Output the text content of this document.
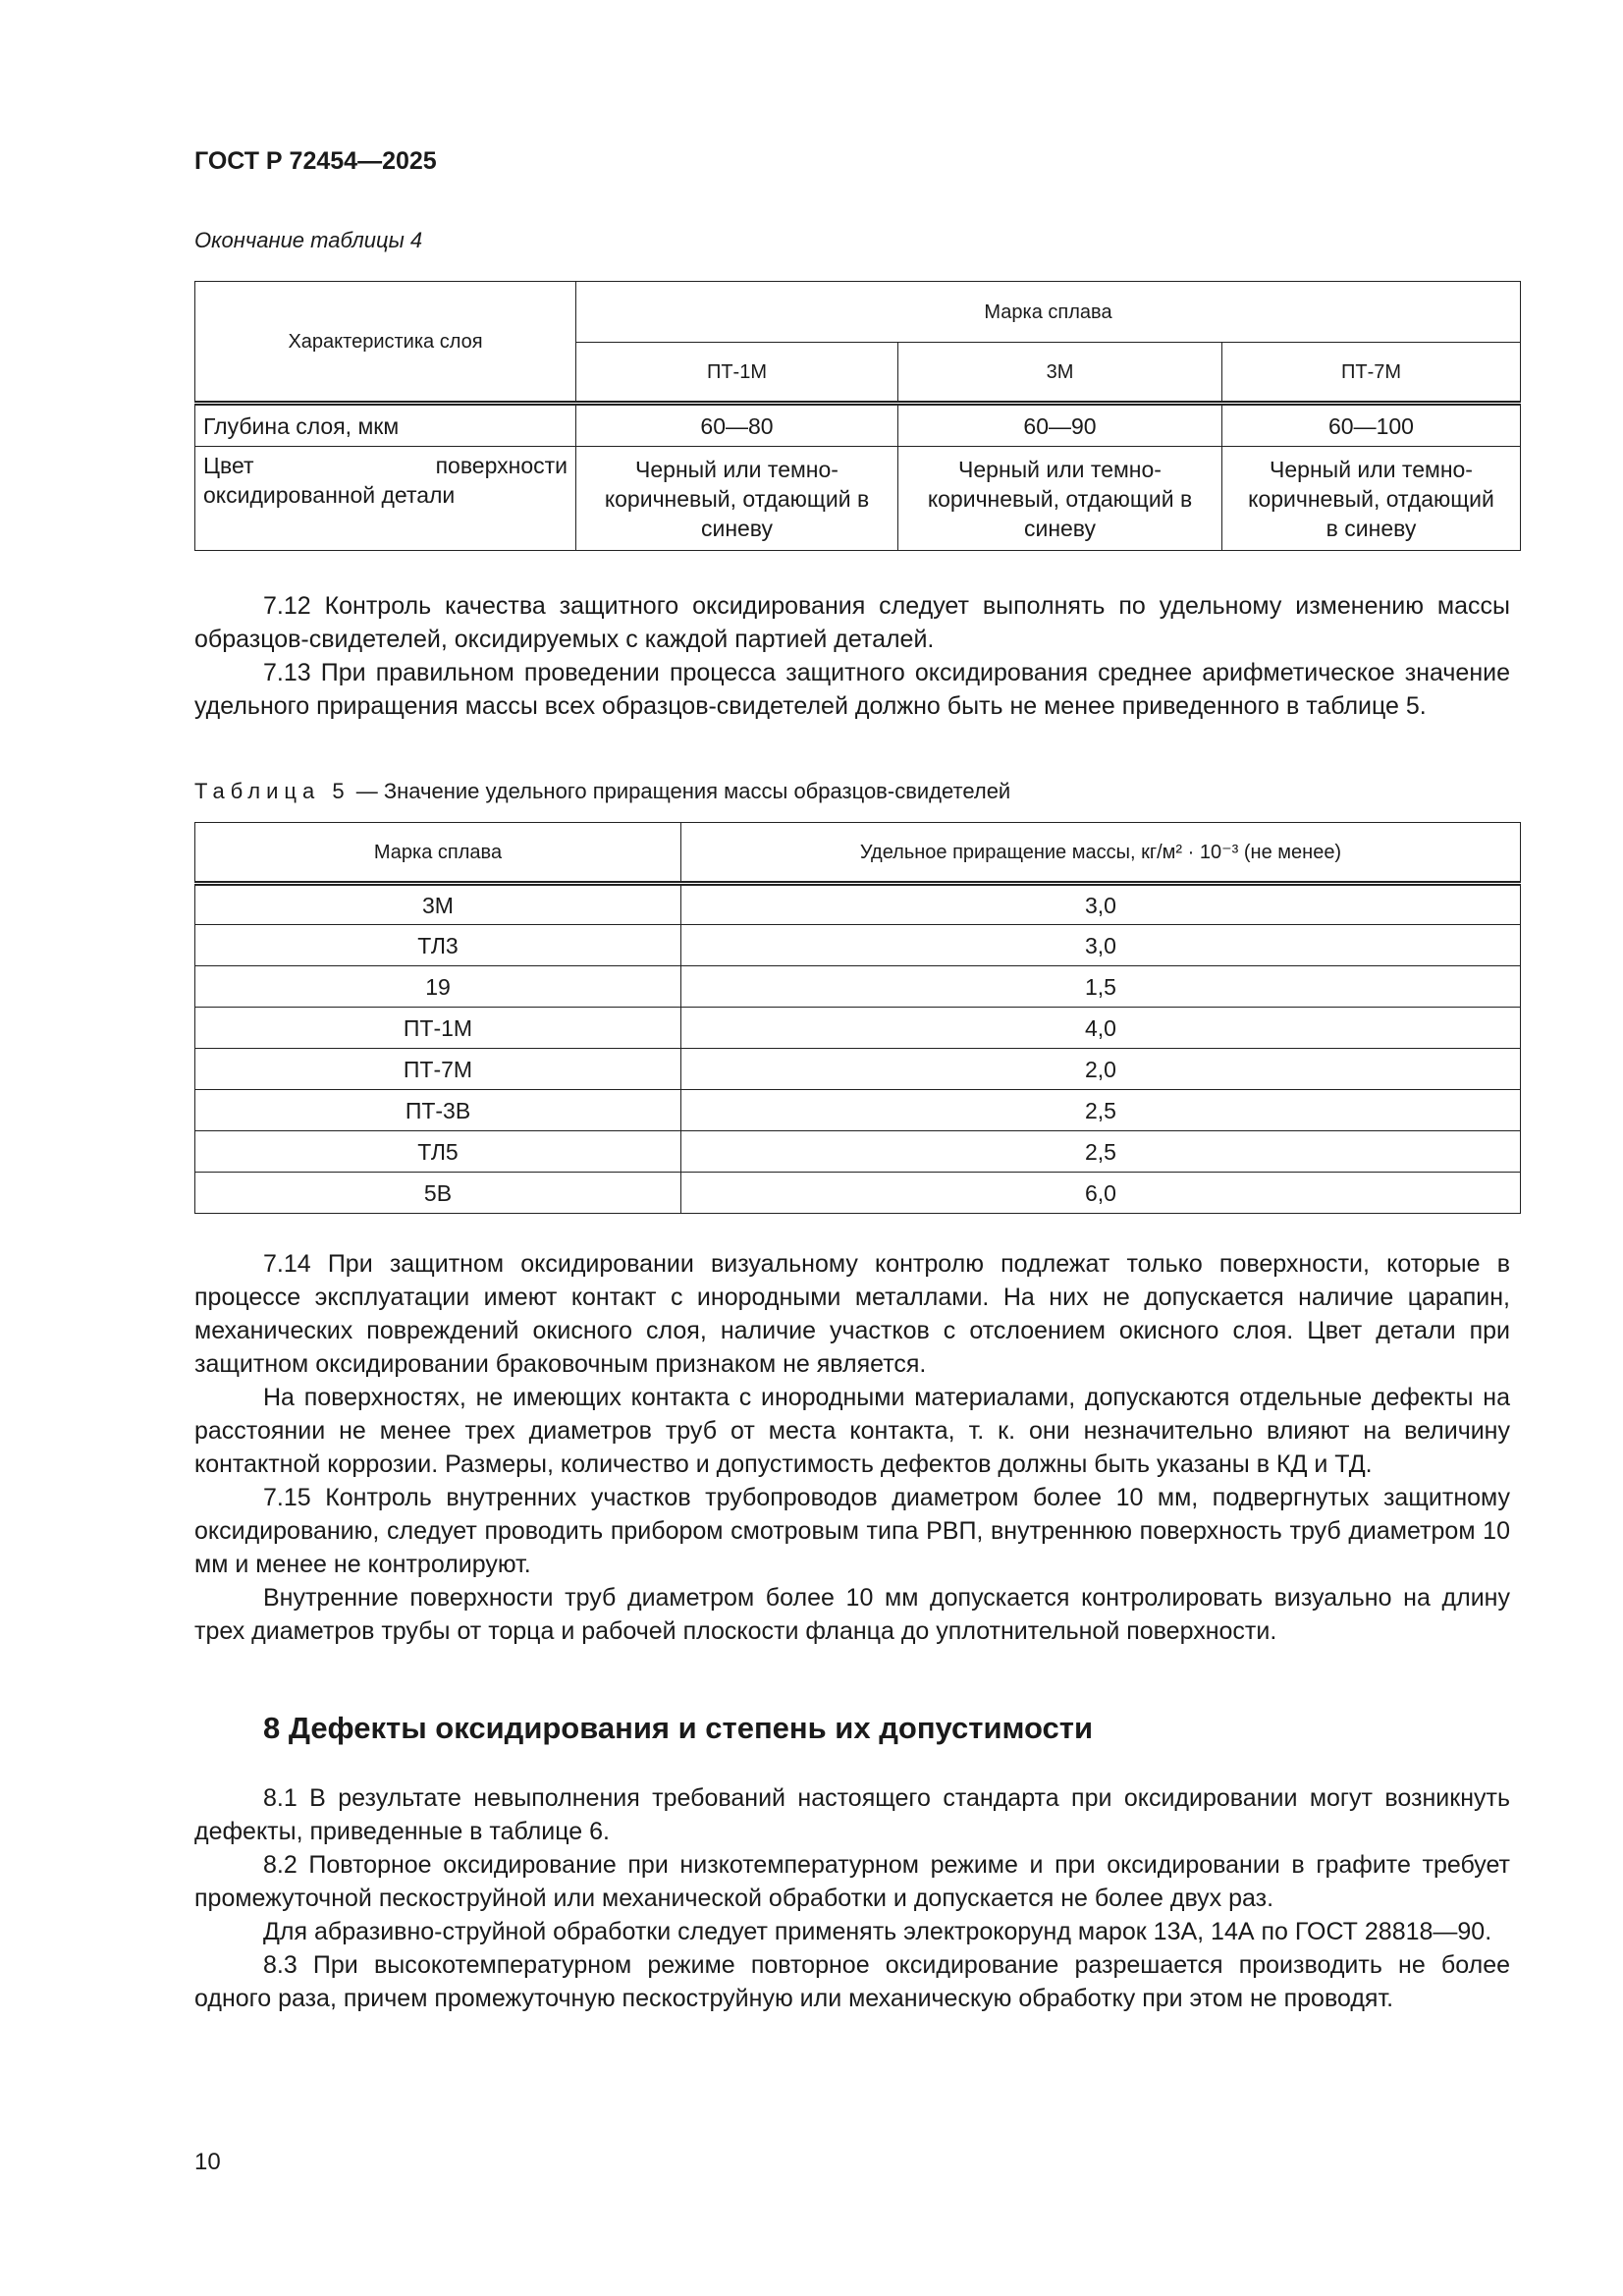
ГОСТ Р 72454—2025
Окончание таблицы 4
Характеристика слоя	Марка сплава		
	ПТ-1М	3М	ПТ-7М
Глубина слоя, мкм	60—80	60—90	60—100

Цвет поверхности
оксидированной детали	Черный или темно-коричневый, отдающий в синеву	Черный или темно-коричневый, отдающий в синеву	Черный или темно-коричневый, отдающий в синеву

7.12 Контроль качества защитного оксидирования следует выполнять по удельному изменению массы образцов-свидетелей, оксидируемых с каждой партией деталей.

7.13 При правильном проведении процесса защитного оксидирования среднее арифметическое значение удельного приращения массы всех образцов-свидетелей должно быть не менее приведенного в таблице 5.

Таблица 5 — Значение удельного приращения массы образцов-свидетелей
Марка сплава	Удельное приращение массы, кг/м² · 10⁻³ (не менее)
3М	3,0
ТЛ3	3,0
19	1,5
ПТ-1М	4,0
ПТ-7М	2,0
ПТ-3В	2,5
ТЛ5	2,5
5В	6,0

7.14 При защитном оксидировании визуальному контролю подлежат только поверхности, которые в процессе эксплуатации имеют контакт с инородными металлами. На них не допускается наличие царапин, механических повреждений окисного слоя, наличие участков с отслоением окисного слоя. Цвет детали при защитном оксидировании браковочным признаком не является.

На поверхностях, не имеющих контакта с инородными материалами, допускаются отдельные дефекты на расстоянии не менее трех диаметров труб от места контакта, т. к. они незначительно влияют на величину контактной коррозии. Размеры, количество и допустимость дефектов должны быть указаны в КД и ТД.

7.15 Контроль внутренних участков трубопроводов диаметром более 10 мм, подвергнутых защитному оксидированию, следует проводить прибором смотровым типа РВП, внутреннюю поверхность труб диаметром 10 мм и менее не контролируют.

Внутренние поверхности труб диаметром более 10 мм допускается контролировать визуально на длину трех диаметров трубы от торца и рабочей плоскости фланца до уплотнительной поверхности.

8 Дефекты оксидирования и степень их допустимости

8.1 В результате невыполнения требований настоящего стандарта при оксидировании могут возникнуть дефекты, приведенные в таблице 6.

8.2 Повторное оксидирование при низкотемпературном режиме и при оксидировании в графите требует промежуточной пескоструйной или механической обработки и допускается не более двух раз.

Для абразивно-струйной обработки следует применять электрокорунд марок 13А, 14А по ГОСТ 28818—90.

8.3 При высокотемпературном режиме повторное оксидирование разрешается производить не более одного раза, причем промежуточную пескоструйную или механическую обработку при этом не проводят.

10
